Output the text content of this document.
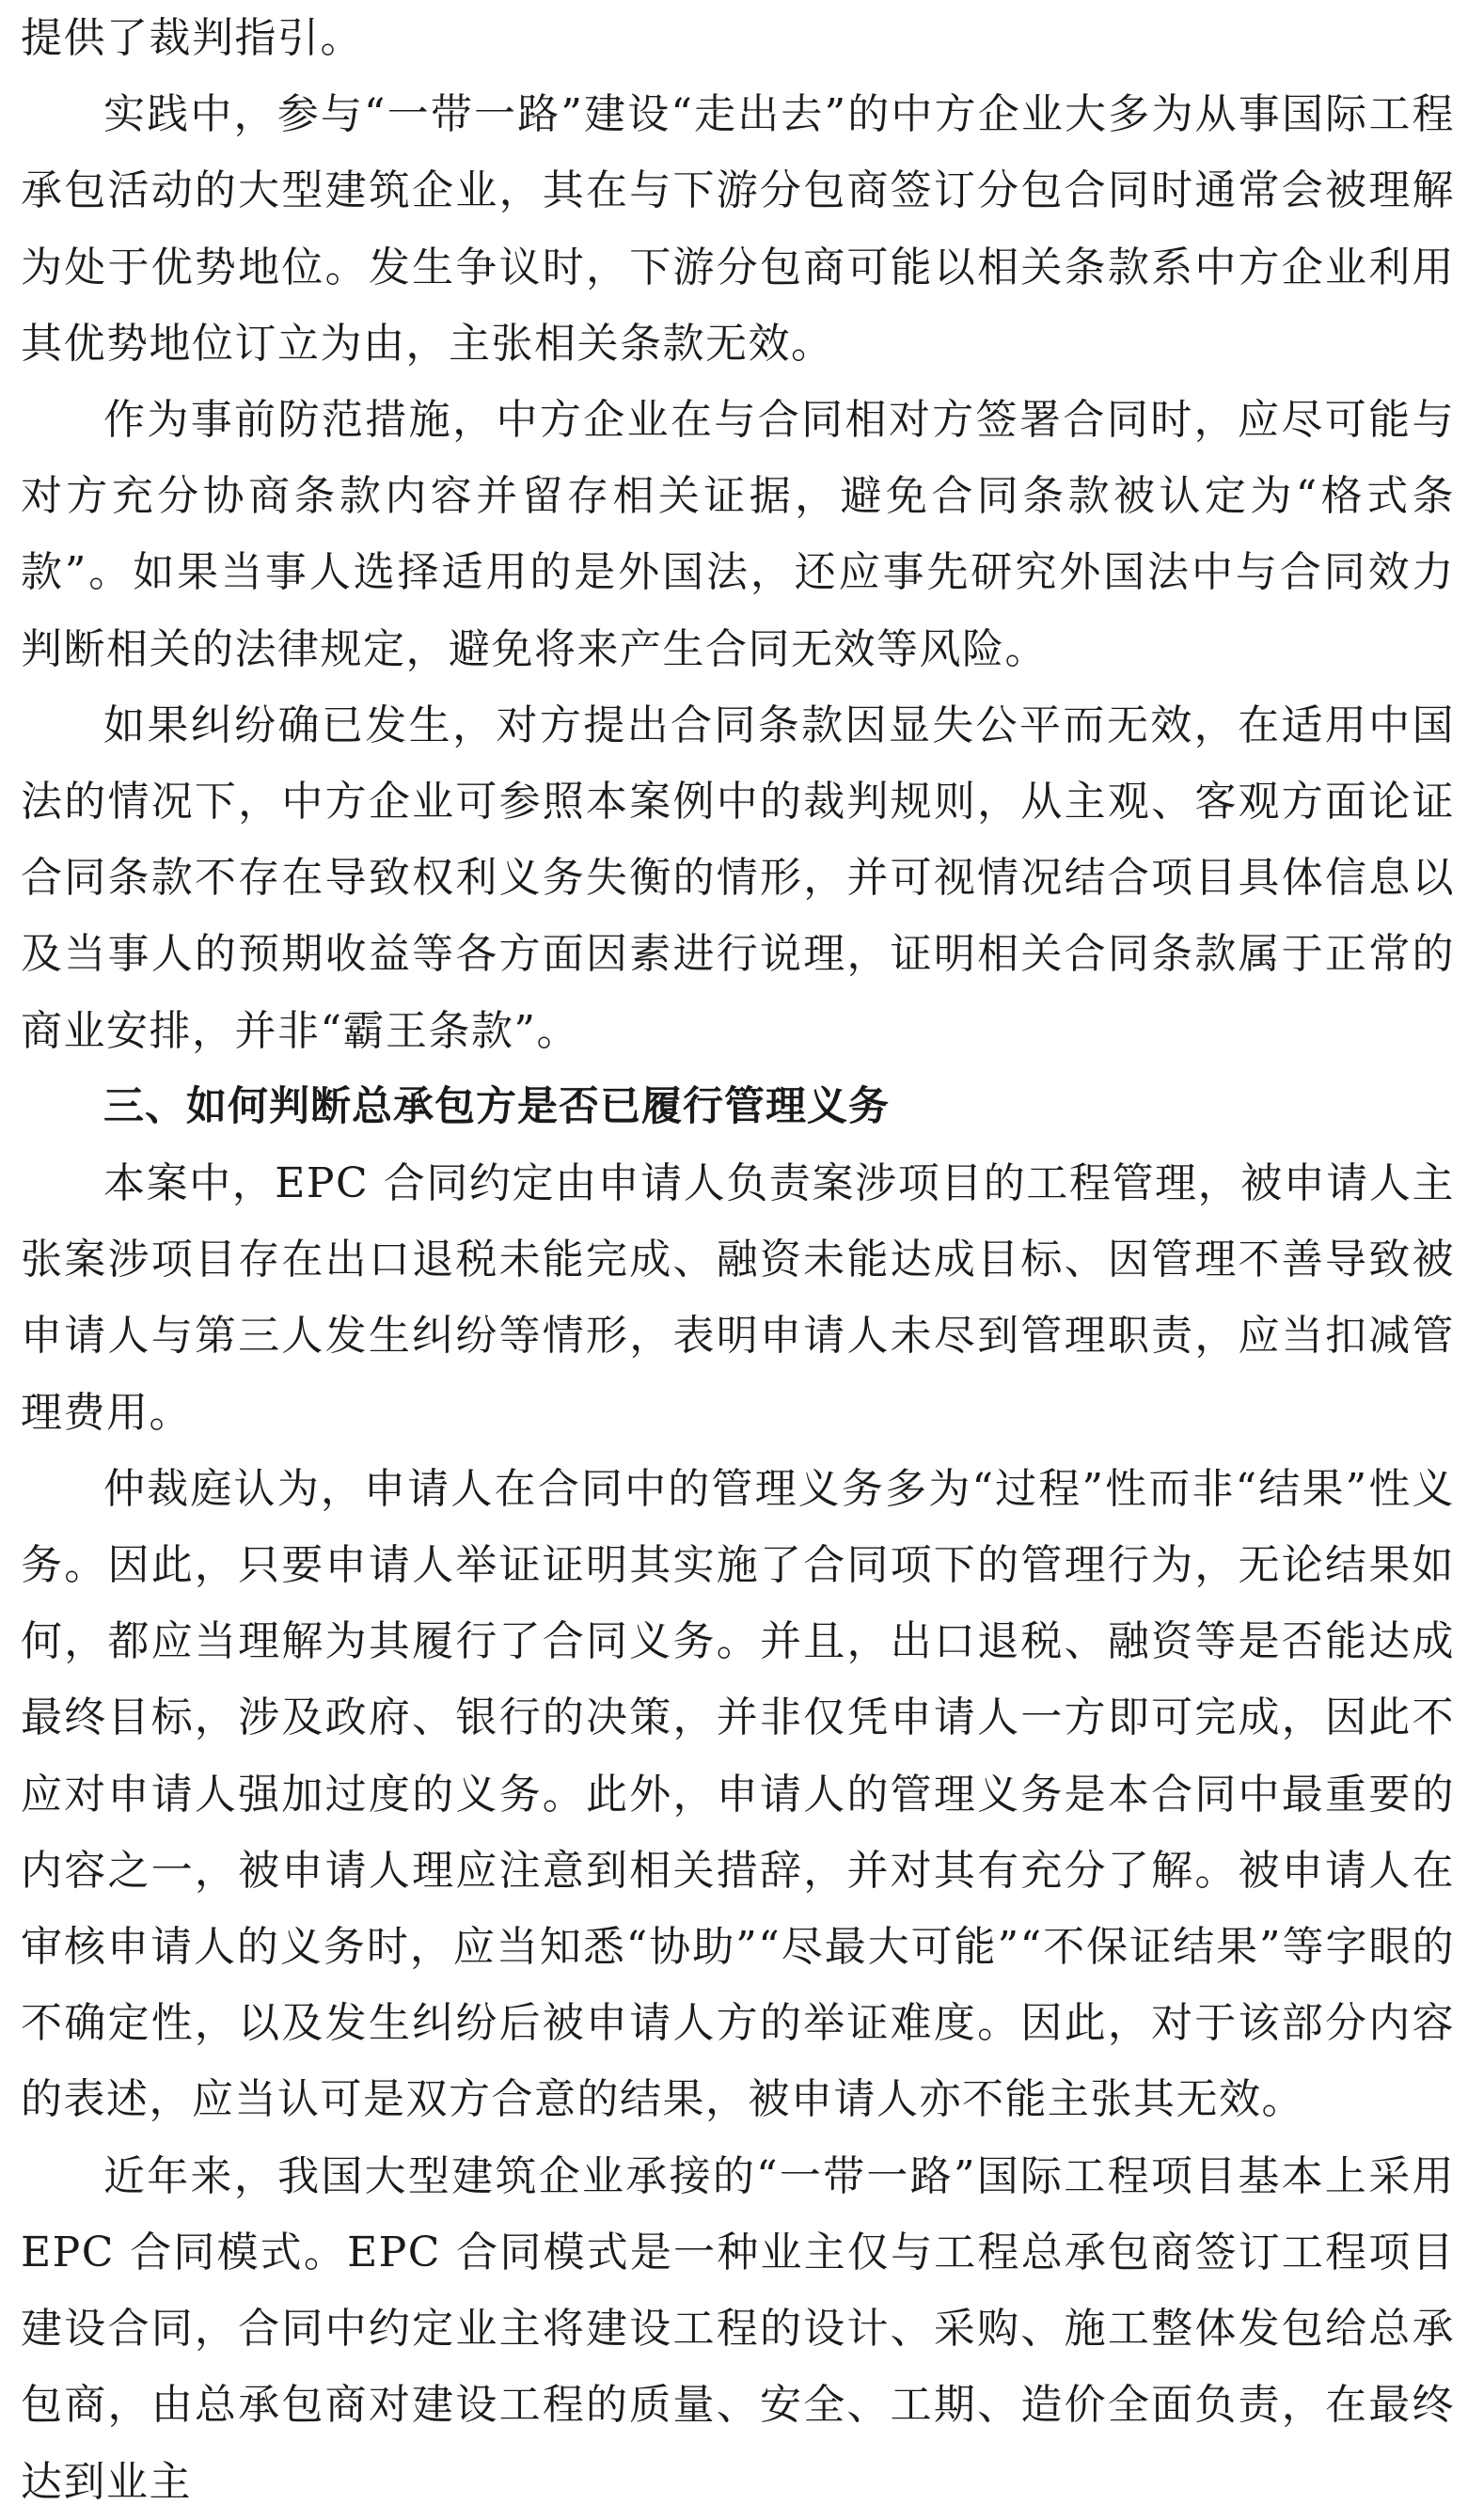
提供了裁判指引。

实践中，参与“一带一路”建设“走出去”的中方企业大多为从事国际工程承包活动的大型建筑企业，其在与下游分包商签订分包合同时通常会被理解为处于优势地位。发生争议时，下游分包商可能以相关条款系中方企业利用其优势地位订立为由，主张相关条款无效。

作为事前防范措施，中方企业在与合同相对方签署合同时，应尽可能与对方充分协商条款内容并留存相关证据，避免合同条款被认定为“格式条款”。如果当事人选择适用的是外国法，还应事先研究外国法中与合同效力判断相关的法律规定，避免将来产生合同无效等风险。

如果纠纷确已发生，对方提出合同条款因显失公平而无效，在适用中国法的情况下，中方企业可参照本案例中的裁判规则，从主观、客观方面论证合同条款不存在导致权利义务失衡的情形，并可视情况结合项目具体信息以及当事人的预期收益等各方面因素进行说理，证明相关合同条款属于正常的商业安排，并非“霸王条款”。

三、如何判断总承包方是否已履行管理义务

本案中，EPC 合同约定由申请人负责案涉项目的工程管理，被申请人主张案涉项目存在出口退税未能完成、融资未能达成目标、因管理不善导致被申请人与第三人发生纠纷等情形，表明申请人未尽到管理职责，应当扣减管理费用。

仲裁庭认为，申请人在合同中的管理义务多为“过程”性而非“结果”性义务。因此，只要申请人举证证明其实施了合同项下的管理行为，无论结果如何，都应当理解为其履行了合同义务。并且，出口退税、融资等是否能达成最终目标，涉及政府、银行的决策，并非仅凭申请人一方即可完成，因此不应对申请人强加过度的义务。此外，申请人的管理义务是本合同中最重要的内容之一，被申请人理应注意到相关措辞，并对其有充分了解。被申请人在审核申请人的义务时，应当知悉“协助”“尽最大可能”“不保证结果”等字眼的不确定性，以及发生纠纷后被申请人方的举证难度。因此，对于该部分内容的表述，应当认可是双方合意的结果，被申请人亦不能主张其无效。

近年来，我国大型建筑企业承接的“一带一路”国际工程项目基本上采用EPC 合同模式。EPC 合同模式是一种业主仅与工程总承包商签订工程项目建设合同，合同中约定业主将建设工程的设计、采购、施工整体发包给总承包商，由总承包商对建设工程的质量、安全、工期、造价全面负责，在最终达到业主
